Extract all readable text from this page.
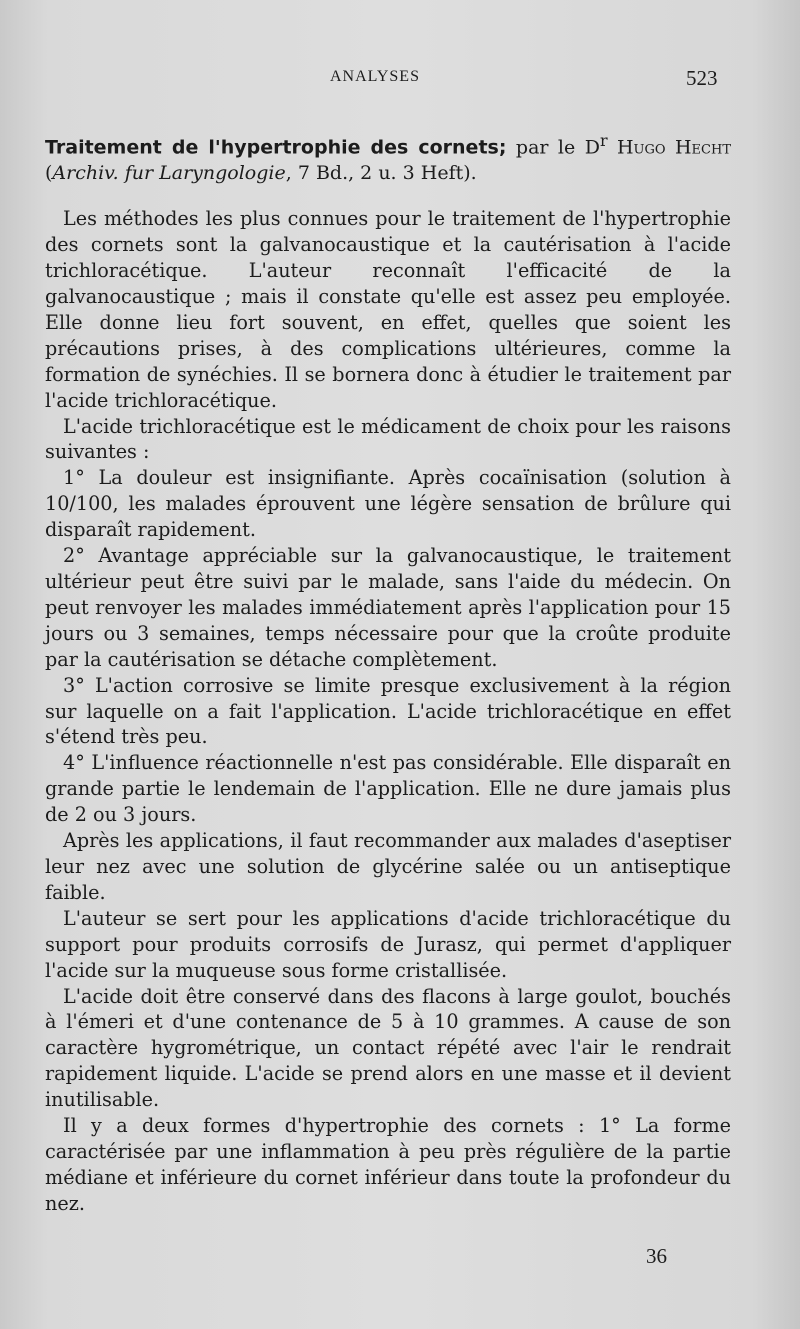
ANALYSES	523
Traitement de l'hypertrophie des cornets; par le $D^r$ Hugo Hecht (Archiv. fur Laryngologie, 7 Bd., 2 u. 3 Heft).

Les méthodes les plus connues pour le traitement de l'hypertrophie des cornets sont la galvanocaustique et la cautérisation à l'acide trichloracétique. L'auteur reconnaît l'efficacité de la galvanocaustique ; mais il constate qu'elle est assez peu employée. Elle donne lieu fort souvent, en effet, quelles que soient les précautions prises, à des complications ultérieures, comme la formation de synéchies. Il se bornera donc à étudier le traitement par l'acide trichloracétique.

L'acide trichloracétique est le médicament de choix pour les raisons suivantes :

1° La douleur est insignifiante. Après cocaïnisation (solution à 10/100, les malades éprouvent une légère sensation de brûlure qui disparaît rapidement.

2° Avantage appréciable sur la galvanocaustique, le traitement ultérieur peut être suivi par le malade, sans l'aide du médecin. On peut renvoyer les malades immédiatement après l'application pour 15 jours ou 3 semaines, temps nécessaire pour que la croûte produite par la cautérisation se détache complètement.

3° L'action corrosive se limite presque exclusivement à la région sur laquelle on a fait l'application. L'acide trichloracétique en effet s'étend très peu.

4° L'influence réactionnelle n'est pas considérable. Elle disparaît en grande partie le lendemain de l'application. Elle ne dure jamais plus de 2 ou 3 jours.

Après les applications, il faut recommander aux malades d'aseptiser leur nez avec une solution de glycérine salée ou un antiseptique faible.

L'auteur se sert pour les applications d'acide trichloracétique du support pour produits corrosifs de Jurasz, qui permet d'appliquer l'acide sur la muqueuse sous forme cristallisée.

L'acide doit être conservé dans des flacons à large goulot, bouchés à l'émeri et d'une contenance de 5 à 10 grammes. A cause de son caractère hygrométrique, un contact répété avec l'air le rendrait rapidement liquide. L'acide se prend alors en une masse et il devient inutilisable.

Il y a deux formes d'hypertrophie des cornets : 1° La forme caractérisée par une inflammation à peu près régulière de la partie médiane et inférieure du cornet inférieur dans toute la profondeur du nez.

36
